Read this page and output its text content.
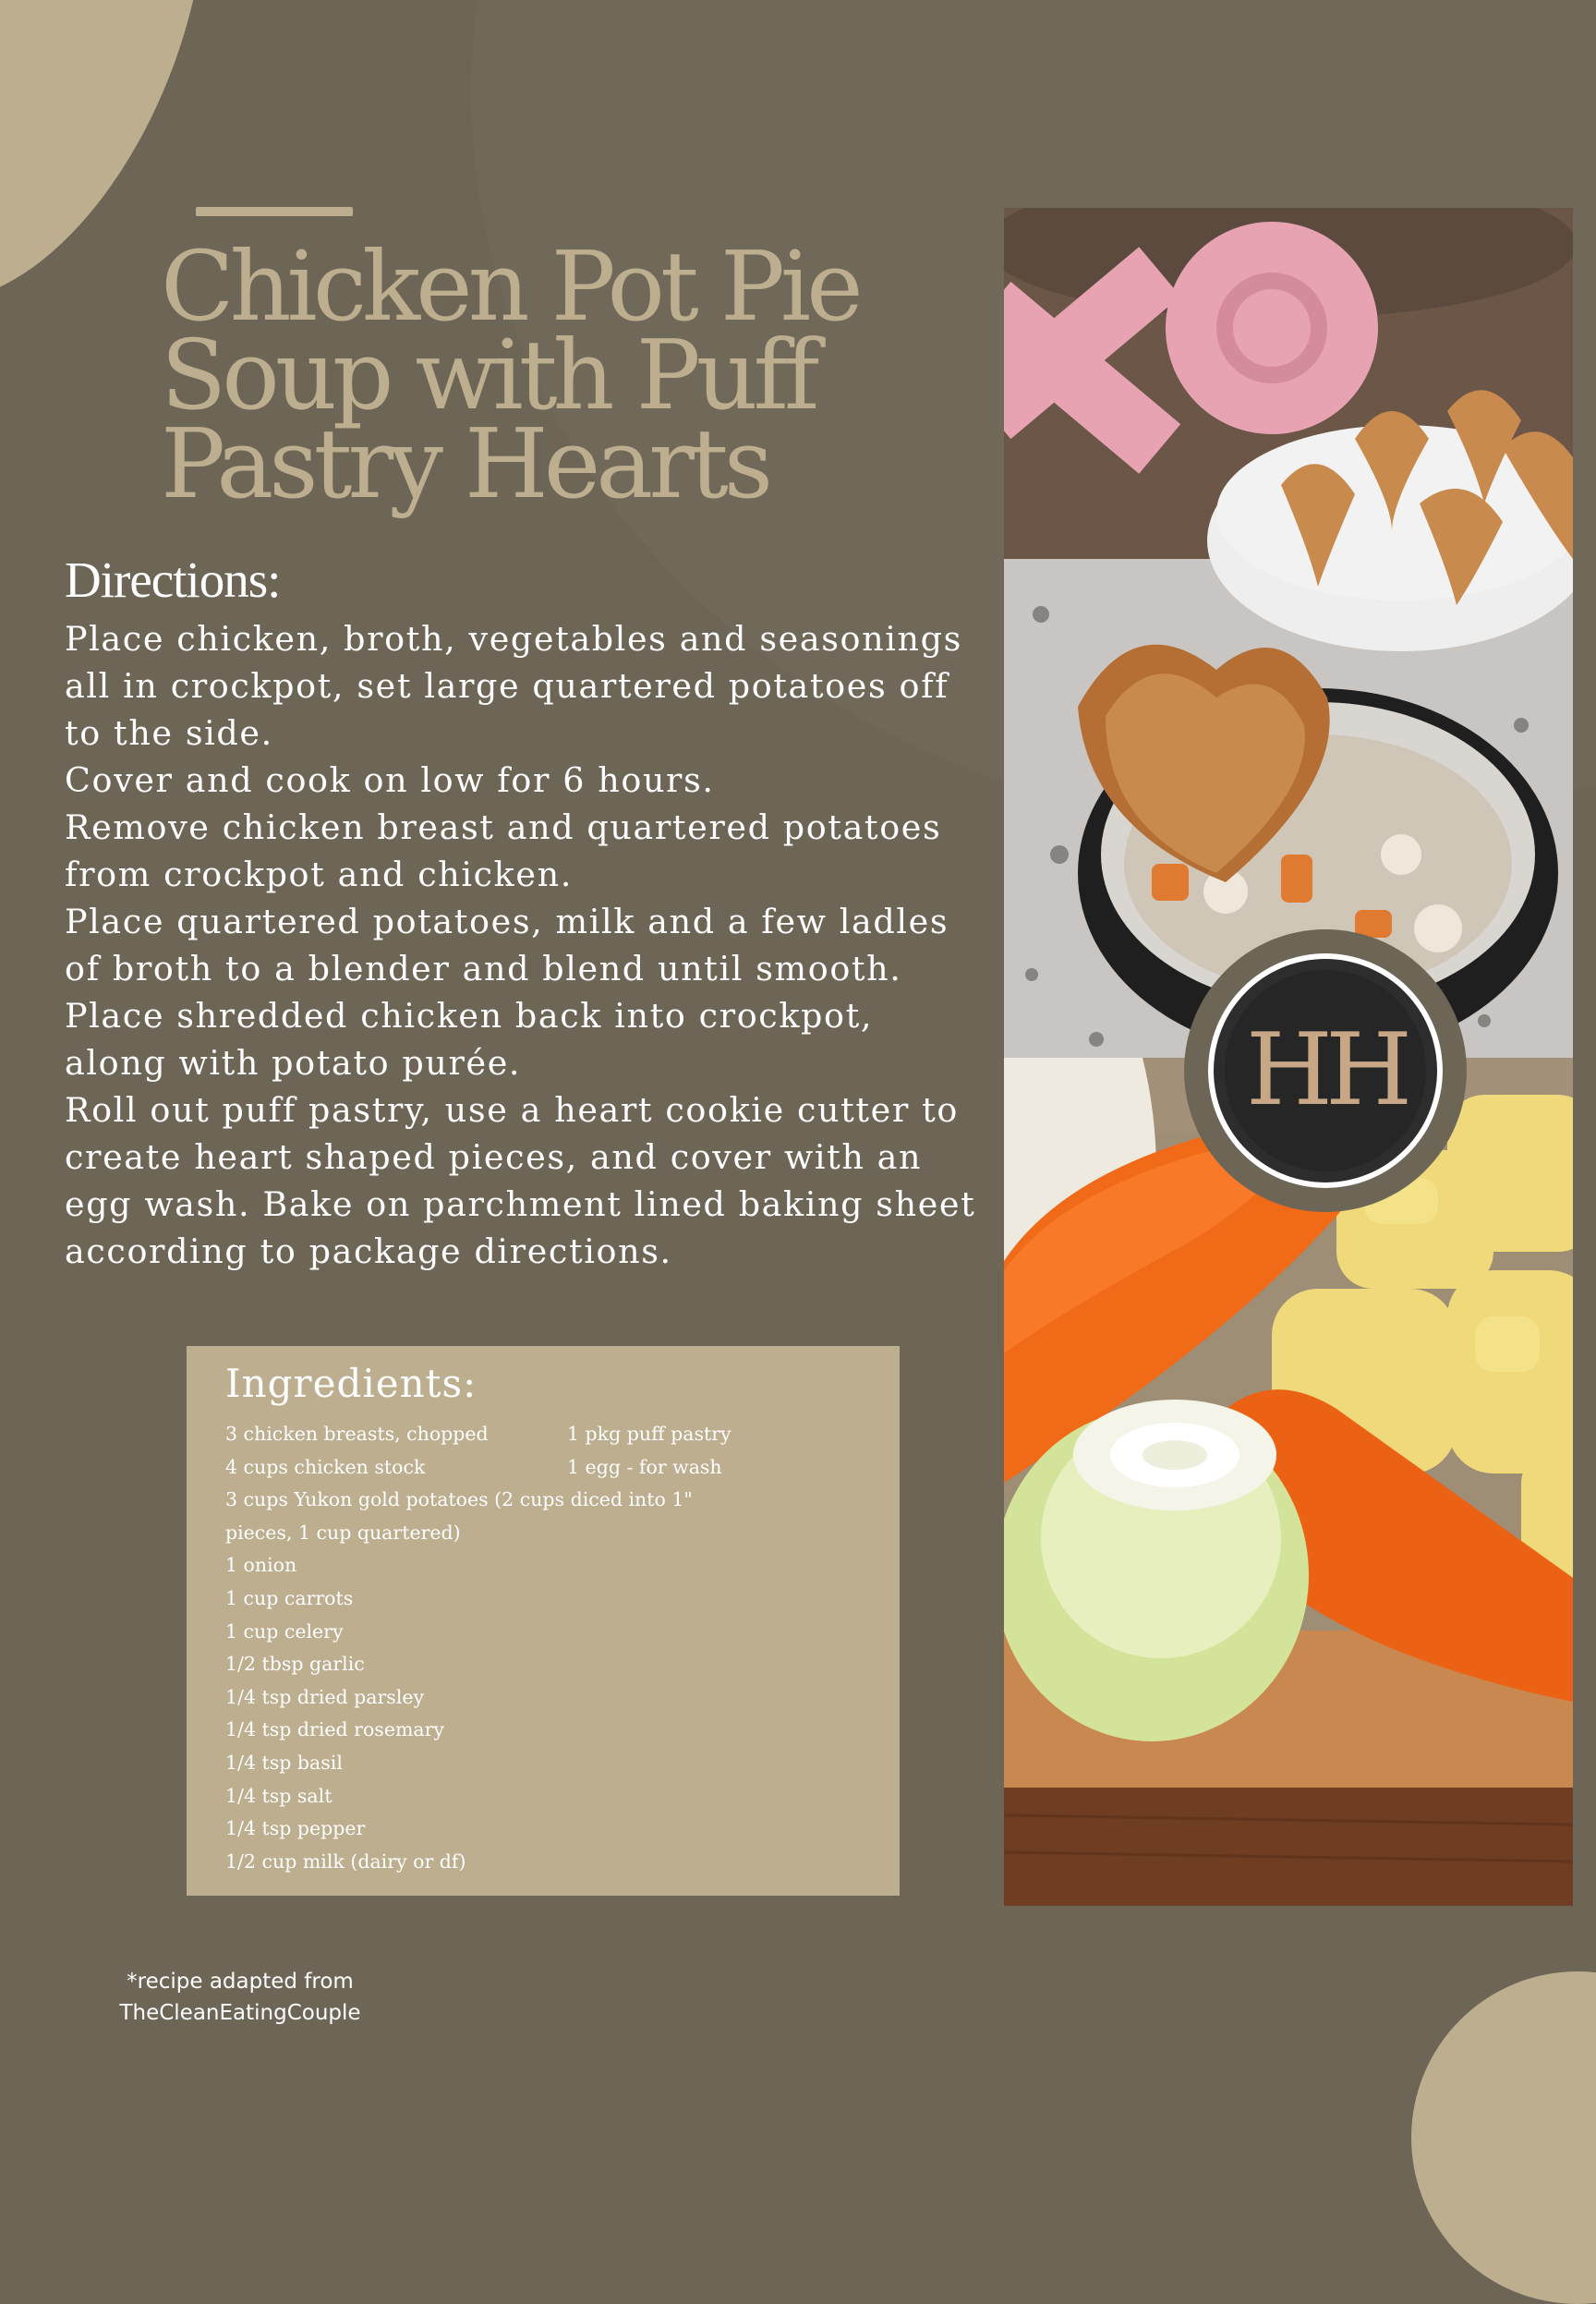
Chicken Pot Pie Soup with Puff Pastry Hearts
Directions:

Place chicken, broth, vegetables and seasonings all in crockpot, set large quartered potatoes off to the side.

Cover and cook on low for 6 hours.

Remove chicken breast and quartered potatoes from crockpot and chicken.

Place quartered potatoes, milk and a few ladles of broth to a blender and blend until smooth.

Place shredded chicken back into crockpot, along with potato purée.

Roll out puff pastry, use a heart cookie cutter to create heart shaped pieces, and cover with an egg wash. Bake on parchment lined baking sheet according to package directions.

Ingredients:
3 chicken breasts, chopped
4 cups chicken stock
3 cups Yukon gold potatoes (2 cups diced into 1"
pieces, 1 cup quartered)
1 onion
1 cup carrots
1 cup celery
1/2 tbsp garlic
1/4 tsp dried parsley
1/4 tsp dried rosemary
1/4 tsp basil
1/4 tsp salt
1/4 tsp pepper
1/2 cup milk (dairy or df)
1 pkg puff pastry
1 egg - for wash

*recipe adapted from
TheCleanEatingCouple

HH
